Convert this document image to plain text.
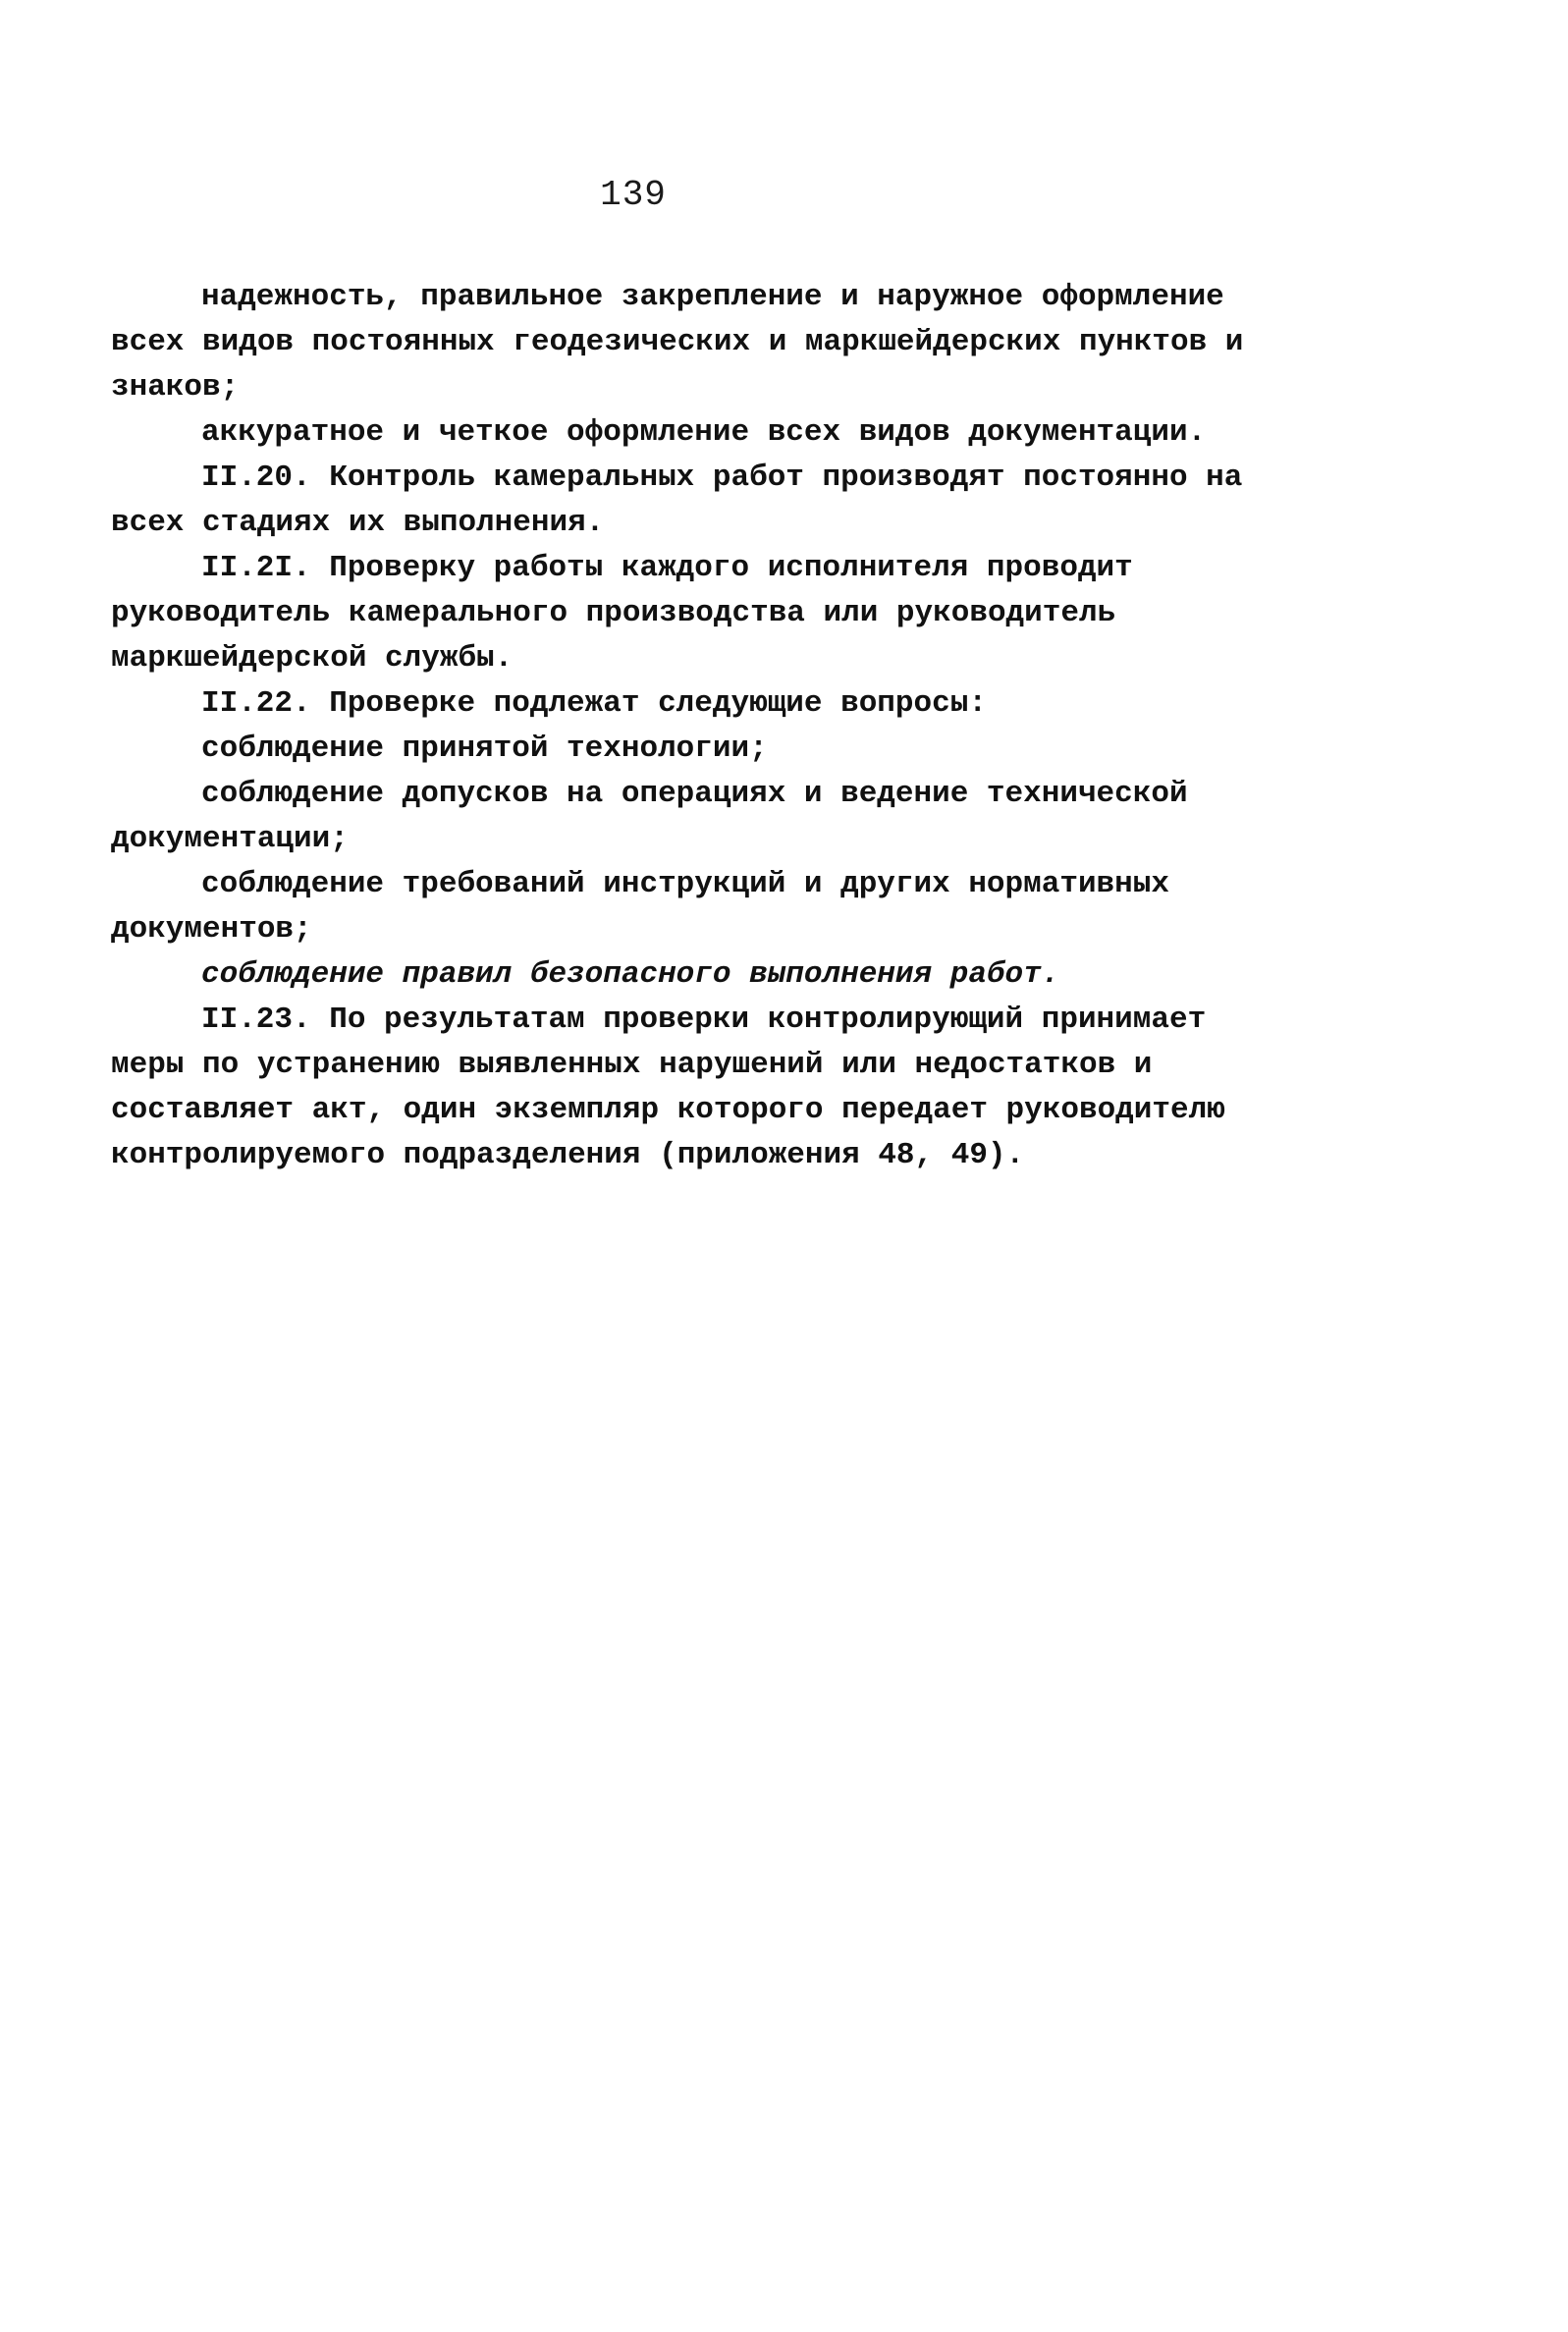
139

надежность, правильное закрепление и наружное оформление всех видов постоянных геодезических и маркшейдерских пунктов и знаков;

аккуратное и четкое оформление всех видов документации.

II.20. Контроль камеральных работ производят постоянно на всех стадиях их выполнения.

II.2I. Проверку работы каждого исполнителя проводит руководитель камерального производства или руководитель маркшейдерской службы.

II.22. Проверке подлежат следующие вопросы:

соблюдение принятой технологии;

соблюдение допусков на операциях и ведение технической документации;

соблюдение требований инструкций и других нормативных документов;

соблюдение правил безопасного выполнения работ.

II.23. По результатам проверки контролирующий принимает меры по устранению выявленных нарушений или недостатков и составляет акт, один экземпляр которого передает руководителю контролируемого подразделения (приложения 48, 49).
